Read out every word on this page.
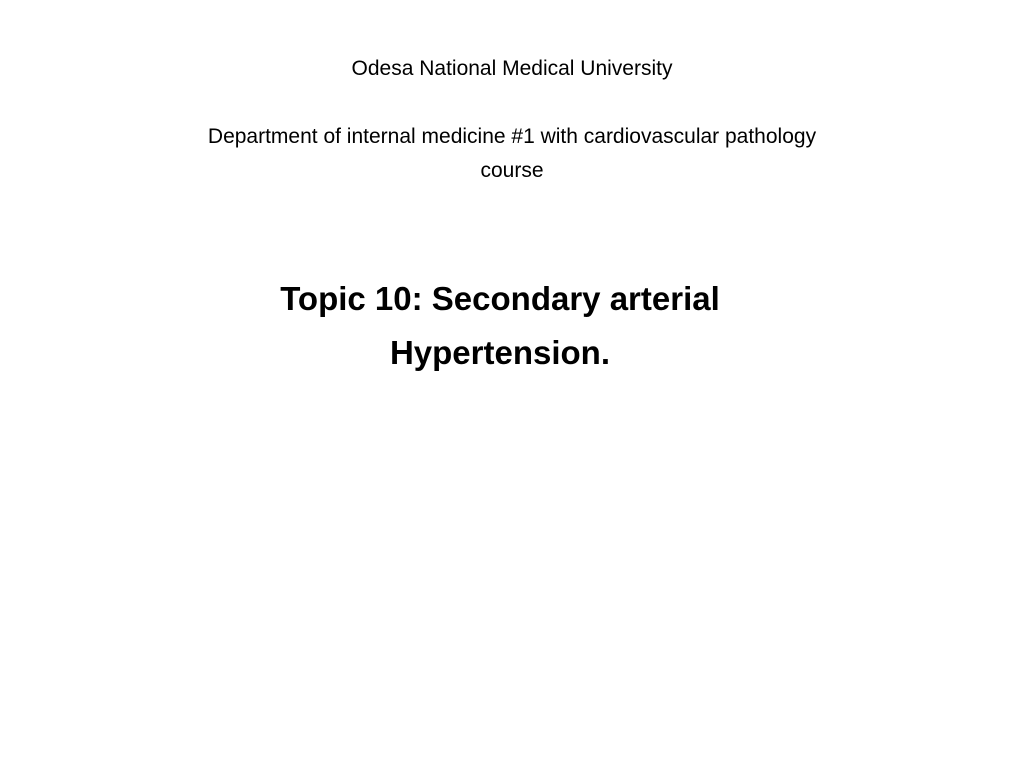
Odesa National Medical University
Department of internal medicine #1 with cardiovascular pathology
course
Topic 10: Secondary arterial
Hypertension.
